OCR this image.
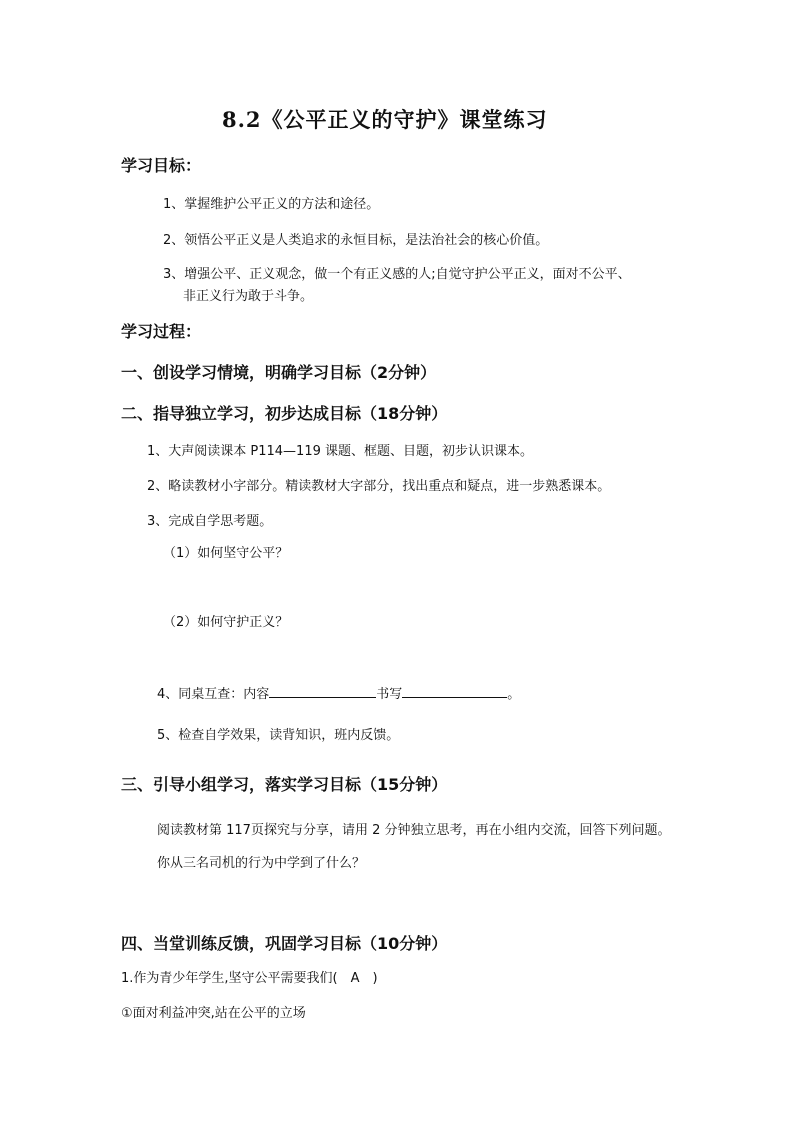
8.2《公平正义的守护》课堂练习
学习目标：
1、掌握维护公平正义的方法和途径。
2、领悟公平正义是人类追求的永恒目标，是法治社会的核心价值。
3、增强公平、正义观念，做一个有正义感的人;自觉守护公平正义，面对不公平、
非正义行为敢于斗争。
学习过程：
一、创设学习情境，明确学习目标（2分钟）
二、指导独立学习，初步达成目标（18分钟）
1、大声阅读课本 P114—119 课题、框题、目题，初步认识课本。
2、略读教材小字部分。精读教材大字部分，找出重点和疑点，进一步熟悉课本。
3、完成自学思考题。
（1）如何坚守公平？
（2）如何守护正义？
4、同桌互查：内容	书写	。
5、检查自学效果，读背知识，班内反馈。
三、引导小组学习，落实学习目标（15分钟）
阅读教材第 117页探究与分享，请用 2 分钟独立思考，再在小组内交流，回答下列问题。
你从三名司机的行为中学到了什么？
四、当堂训练反馈，巩固学习目标（10分钟）
1.作为青少年学生,坚守公平需要我们(　A　)
①面对利益冲突,站在公平的立场
